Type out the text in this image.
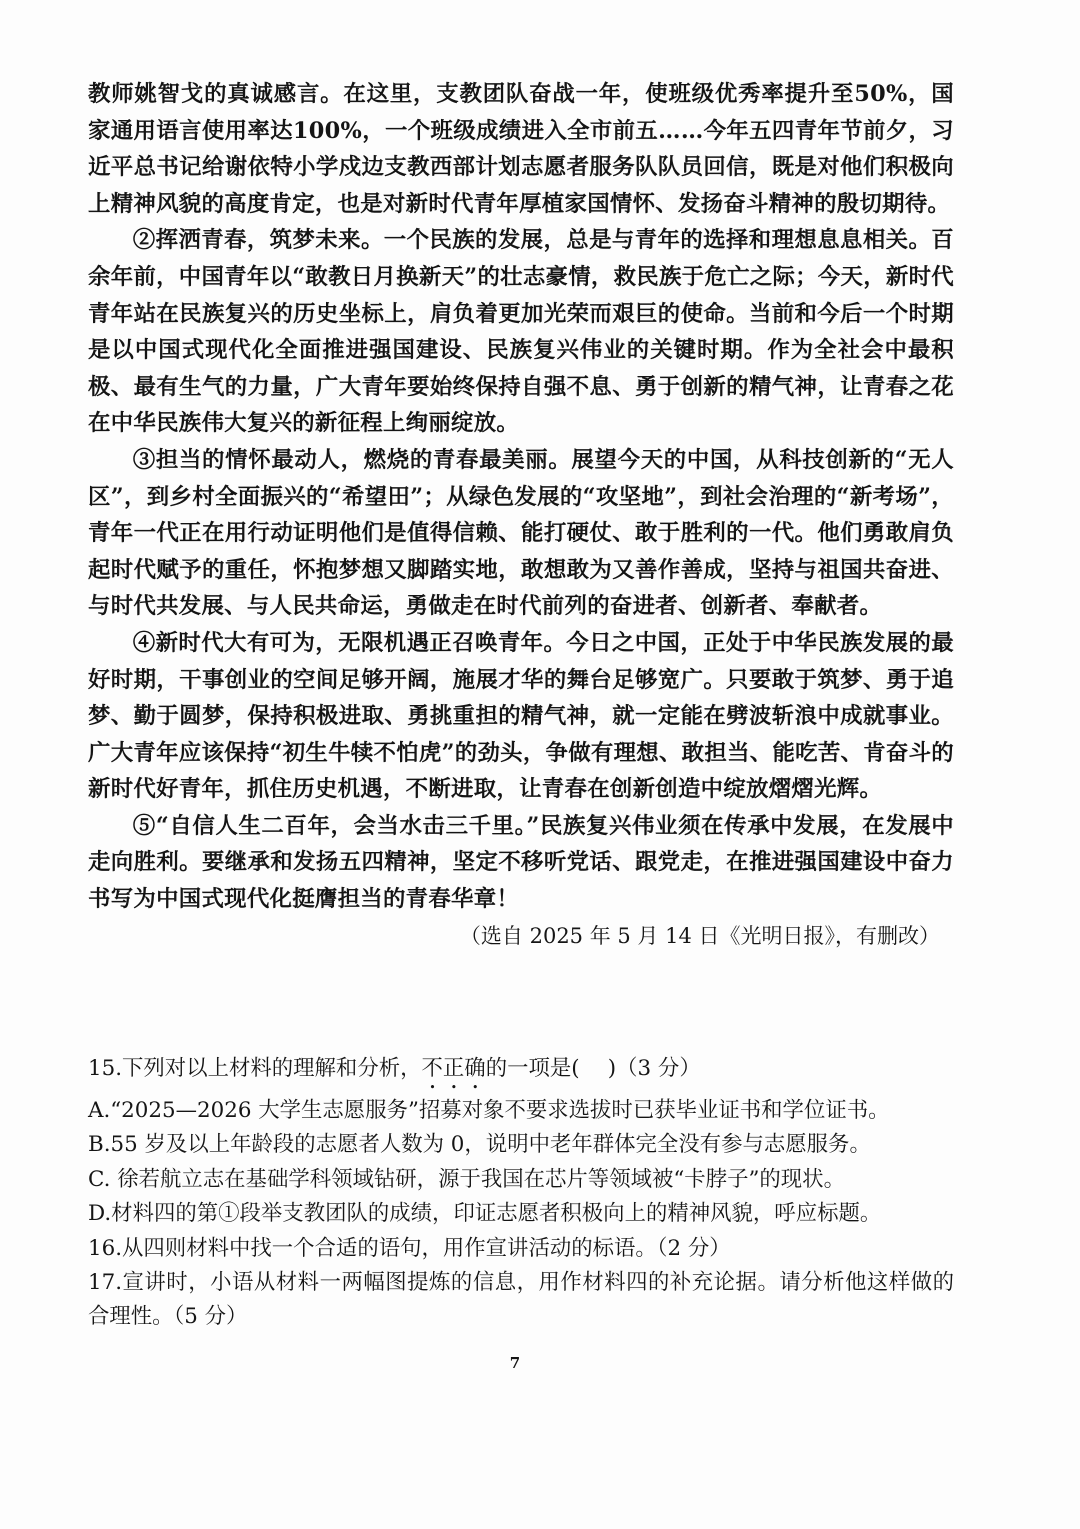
教师姚智戈的真诚感言。在这里，支教团队奋战一年，使班级优秀率提升至50%，国家通用语言使用率达100%，一个班级成绩进入全市前五……今年五四青年节前夕，习近平总书记给谢依特小学戍边支教西部计划志愿者服务队队员回信，既是对他们积极向上精神风貌的高度肯定，也是对新时代青年厚植家国情怀、发扬奋斗精神的殷切期待。

②挥洒青春，筑梦未来。一个民族的发展，总是与青年的选择和理想息息相关。百余年前，中国青年以“敢教日月换新天”的壮志豪情，救民族于危亡之际；今天，新时代青年站在民族复兴的历史坐标上，肩负着更加光荣而艰巨的使命。当前和今后一个时期是以中国式现代化全面推进强国建设、民族复兴伟业的关键时期。作为全社会中最积极、最有生气的力量，广大青年要始终保持自强不息、勇于创新的精气神，让青春之花在中华民族伟大复兴的新征程上绚丽绽放。

③担当的情怀最动人，燃烧的青春最美丽。展望今天的中国，从科技创新的“无人区”，到乡村全面振兴的“希望田”；从绿色发展的“攻坚地”，到社会治理的“新考场”，青年一代正在用行动证明他们是值得信赖、能打硬仗、敢于胜利的一代。他们勇敢肩负起时代赋予的重任，怀抱梦想又脚踏实地，敢想敢为又善作善成，坚持与祖国共奋进、与时代共发展、与人民共命运，勇做走在时代前列的奋进者、创新者、奉献者。

④新时代大有可为，无限机遇正召唤青年。今日之中国，正处于中华民族发展的最好时期，干事创业的空间足够开阔，施展才华的舞台足够宽广。只要敢于筑梦、勇于追梦、勤于圆梦，保持积极进取、勇挑重担的精气神，就一定能在劈波斩浪中成就事业。广大青年应该保持“初生牛犊不怕虎”的劲头，争做有理想、敢担当、能吃苦、肯奋斗的新时代好青年，抓住历史机遇，不断进取，让青春在创新创造中绽放熠熠光辉。

⑤“自信人生二百年，会当水击三千里。”民族复兴伟业须在传承中发展，在发展中走向胜利。要继承和发扬五四精神，坚定不移听党话、跟党走，在推进强国建设中奋力书写为中国式现代化挺膺担当的青春华章！

（选自 2025 年 5 月 14 日《光明日报》，有删改）

15.下列对以上材料的理解和分析，不正确的一项是(　 )（3 分）

A.“2025—2026 大学生志愿服务”招募对象不要求选拔时已获毕业证书和学位证书。

B.55 岁及以上年龄段的志愿者人数为 0，说明中老年群体完全没有参与志愿服务。

C. 徐若航立志在基础学科领域钻研，源于我国在芯片等领域被“卡脖子”的现状。

D.材料四的第①段举支教团队的成绩，印证志愿者积极向上的精神风貌，呼应标题。

16.从四则材料中找一个合适的语句，用作宣讲活动的标语。（2 分）

17.宣讲时，小语从材料一两幅图提炼的信息，用作材料四的补充论据。请分析他这样做的合理性。（5 分）

7
